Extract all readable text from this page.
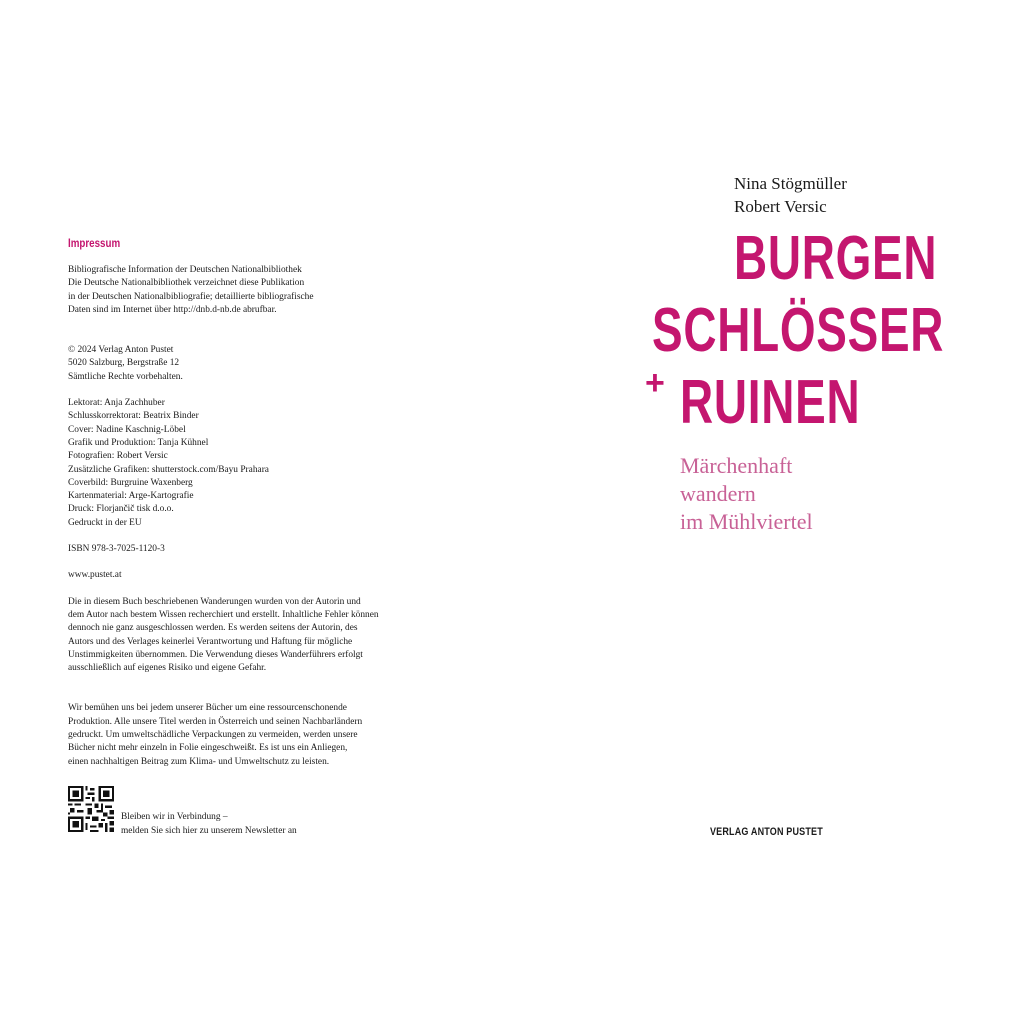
Impressum
Bibliografische Information der Deutschen Nationalbibliothek
Die Deutsche Nationalbibliothek verzeichnet diese Publikation
in der Deutschen Nationalbibliografie; detaillierte bibliografische
Daten sind im Internet über http://dnb.d-nb.de abrufbar.
© 2024 Verlag Anton Pustet
5020 Salzburg, Bergstraße 12
Sämtliche Rechte vorbehalten.
Lektorat: Anja Zachhuber
Schlusskorrektorat: Beatrix Binder
Cover: Nadine Kaschnig-Löbel
Grafik und Produktion: Tanja Kühnel
Fotografien: Robert Versic
Zusätzliche Grafiken: shutterstock.com/Bayu Prahara
Coverbild: Burgruine Waxenberg
Kartenmaterial: Arge-Kartografie
Druck: Florjančič tisk d.o.o.
Gedruckt in der EU
ISBN 978-3-7025-1120-3
www.pustet.at
Die in diesem Buch beschriebenen Wanderungen wurden von der Autorin und
dem Autor nach bestem Wissen recherchiert und erstellt. Inhaltliche Fehler können
dennoch nie ganz ausgeschlossen werden. Es werden seitens der Autorin, des
Autors und des Verlages keinerlei Verantwortung und Haftung für mögliche
Unstimmigkeiten übernommen. Die Verwendung dieses Wanderführers erfolgt
ausschließlich auf eigenes Risiko und eigene Gefahr.
Wir bemühen uns bei jedem unserer Bücher um eine ressourcenschonende
Produktion. Alle unsere Titel werden in Österreich und seinen Nachbarländern
gedruckt. Um umweltschädliche Verpackungen zu vermeiden, werden unsere
Bücher nicht mehr einzeln in Folie eingeschweißt. Es ist uns ein Anliegen,
einen nachhaltigen Beitrag zum Klima- und Umweltschutz zu leisten.
Bleiben wir in Verbindung –
melden Sie sich hier zu unserem Newsletter an
Nina Stögmüller
Robert Versic
BURGEN
SCHLÖSSER
+ RUINEN
Märchenhaft
wandern
im Mühlviertel
VERLAG ANTON PUSTET
